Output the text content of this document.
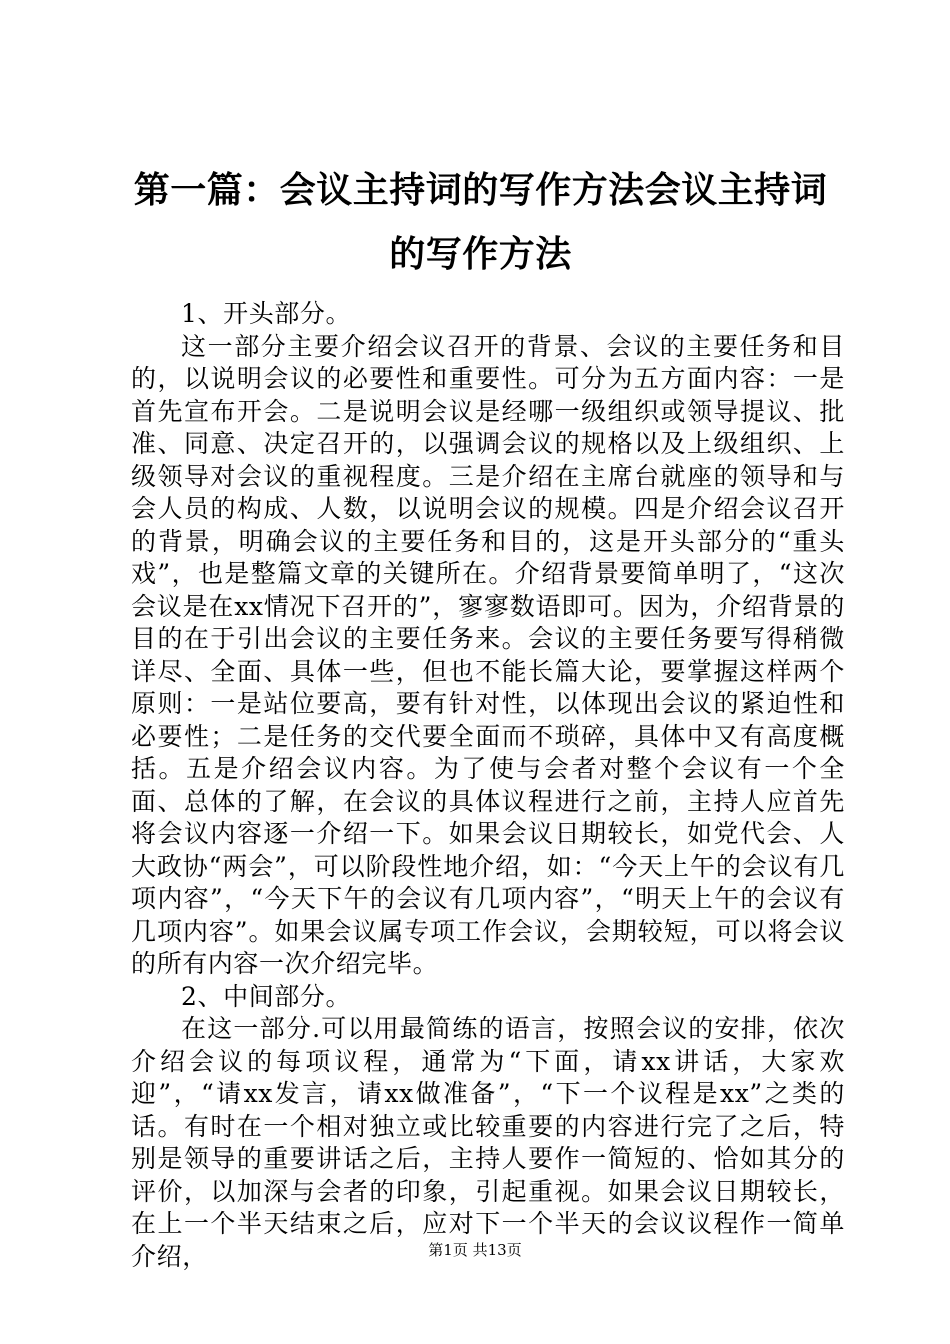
第一篇：会议主持词的写作方法会议主持词的写作方法

1、开头部分。

这一部分主要介绍会议召开的背景、会议的主要任务和目的，以说明会议的必要性和重要性。可分为五方面内容：一是首先宣布开会。二是说明会议是经哪一级组织或领导提议、批准、同意、决定召开的，以强调会议的规格以及上级组织、上级领导对会议的重视程度。三是介绍在主席台就座的领导和与会人员的构成、人数，以说明会议的规模。四是介绍会议召开的背景，明确会议的主要任务和目的，这是开头部分的“重头戏”，也是整篇文章的关键所在。介绍背景要简单明了，“这次会议是在xx情况下召开的”，寥寥数语即可。因为，介绍背景的目的在于引出会议的主要任务来。会议的主要任务要写得稍微详尽、全面、具体一些，但也不能长篇大论，要掌握这样两个原则：一是站位要高，要有针对性，以体现出会议的紧迫性和必要性；二是任务的交代要全面而不琐碎，具体中又有高度概括。五是介绍会议内容。为了使与会者对整个会议有一个全面、总体的了解，在会议的具体议程进行之前，主持人应首先将会议内容逐一介绍一下。如果会议日期较长，如党代会、人大政协“两会”，可以阶段性地介绍，如：“今天上午的会议有几项内容”，“今天下午的会议有几项内容”，“明天上午的会议有几项内容”。如果会议属专项工作会议，会期较短，可以将会议的所有内容一次介绍完毕。

2、中间部分。

在这一部分.可以用最简练的语言，按照会议的安排，依次介绍会议的每项议程，通常为“下面，请xx讲话，大家欢迎”，“请xx发言，请xx做准备”，“下一个议程是xx”之类的话。有时在一个相对独立或比较重要的内容进行完了之后，特别是领导的重要讲话之后，主持人要作一简短的、恰如其分的评价，以加深与会者的印象，引起重视。如果会议日期较长，在上一个半天结束之后，应对下一个半天的会议议程作一简单介绍，	第1页 共13页
